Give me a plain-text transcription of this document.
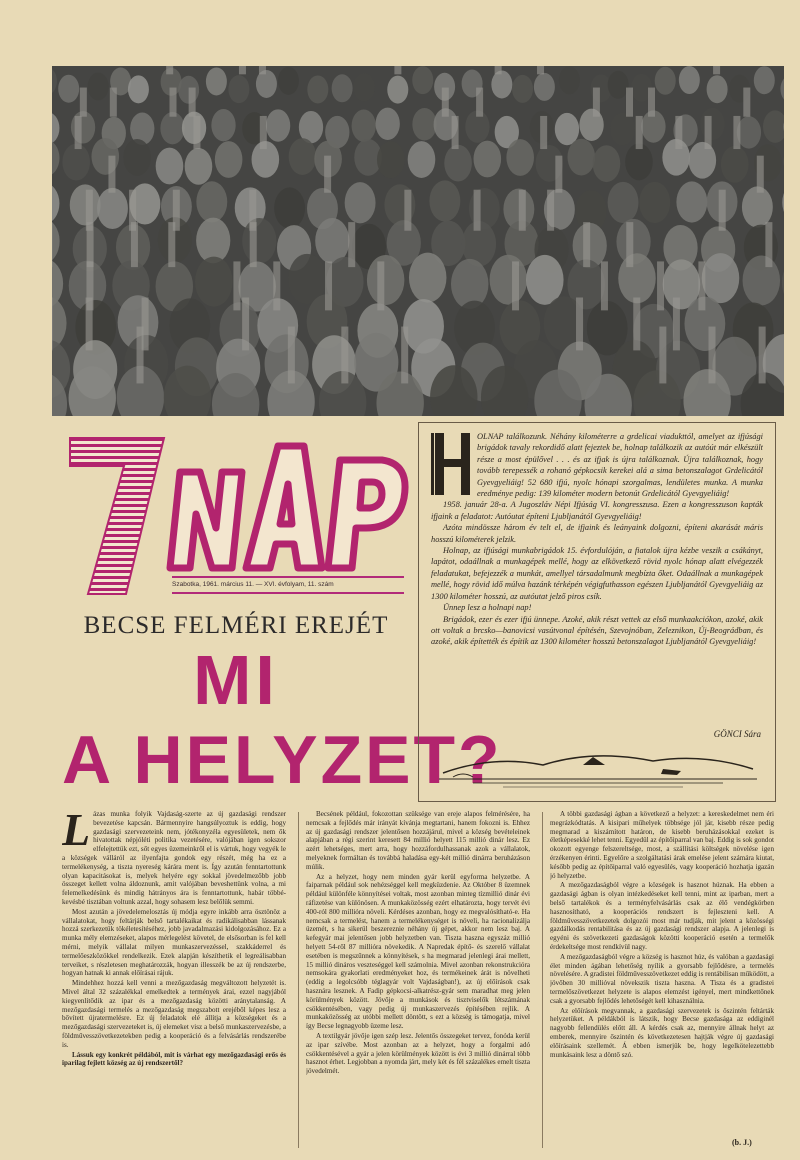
Szabotka, 1961. március 11. — XVI. évfolyam, 11. szám
BECSE FELMÉRI EREJÉT
MI
A HELYZET?

OLNAP találkozunk. Néhány kilométerre a grdelicai viadukttól, amelyet az ifjúsági brigádok tavaly rekordidő alatt fejeztek be, holnap találkozik az autóút már elkészült része a most épülővel . . . és az ifjak is újra találkoznak. Újra találkoznak, hogy tovább terepessék a rohanó gépkocsik kerekei alá a sima betonszalagot Grdelicától Gyevgyeliáig! 52 680 ifjú, nyolc hónapi szorgalmas, lendületes munka. A munka eredménye pedig: 139 kilométer modern betonút Grdelicától Gyevgyeliáig!

1958. január 28-a. A Jugoszláv Népi Ifjúság VI. kongresszusa. Ezen a kongresszuson kapták ifjaink a feladatot: Autóutat építeni Ljubljanától Gyevgyeliáig!

Azóta mindössze három év telt el, de ifjaink és leányaink dolgozni, építeni akarását máris hosszú kilométerek jelzik.

Holnap, az ifjúsági munkabrigádok 15. évfordulóján, a fiatalok újra kézbe veszik a csákányt, lapátot, odaállnak a munkagépek mellé, hogy az elkövetkező rövid nyolc hónap alatt elvégezzék feladatukat, befejezzék a munkát, amellyel társadalmunk megbízta őket. Odaállnak a munkagépek mellé, hogy rövid idő múlva hazánk térképén végigfuthasson egészen Ljubljanától Gyevgyeliáig az 1300 kilométer hosszú, az autóutat jelző piros csík.

Ünnep lesz a holnapi nap!

Brigádok, ezer és ezer ifjú ünnepe. Azoké, akik részt vettek az első munkaakciókon, azoké, akik ott voltak a brcsko—banovicsi vasútvonal építésén, Szevojnóban, Zeleznikon, Új-Beográdban, és azoké, akik építették és építik az 1300 kilométer hosszú betonszalagot Ljubljanától Gyevgyeliáig!

GÖNCI Sára
L ázas munka folyik Vajdaság-szerte az új gazdasági rendszer bevezetése kapcsán. Bármennyire hangsúlyoztuk is eddig, hogy gazdasági szervezeteink nem, jótékonyzéla egyesületek, nem ők hivatottak népjóléti politika vezetésére, valójában igen sokszor elfelejtettük ezt, sőt egyes üzemeinkről el is vártuk, hogy vegyék le a községek válláról az ilyenfajta gondok egy részét, még ha ez a termelékenység, a tiszta nyereség kárára ment is. Így azután fenntartottunk olyan kapacitásokat is, melyek helyére egy sokkal jövedelmezőbb jobb összeget kellett volna áldoznunk, amit valójában beveshettünk volna, a mi felemelkedésünk és mindig hátrányos ára is fenntartottunk, habár többé-kevésbé tisztában voltunk azzal, hogy sohasem lesz belőlük semmi.

Most azután a jövedelemelosztás új módja egyre inkább arra ösztönöz a vállalatokat, hogy feltárják belső tartalékaikat és radikálisabban lássanak hozzá szerkezetük tökéletesítéséhez, jobb javadalmazási kidolgozásához. Ez a munka mély elemzéseket, alapos mérlegelést követel, de elsősorban is fel kell mérni, melyik vállalat milyen munkaszervezéssel, szakkáderrel és termelőeszközökkel rendelkezik. Ezek alapján készíthetik el legreálisabban terveiket, s részletesen meghatározzák, hogyan illesszék be az új rendszerbe, hogyan hatnak ki annak előírásai rájuk.

Mindehhez hozzá kell venni a mezőgazdaság megváltozott helyzetét is. Mivel által 32 százalékkal emelkedtek a termények árai, ezzel nagyjából kiegyenlítődik az ipar és a mezőgazdaság közötti aránytalanság. A mezőgazdasági termelés a mezőgazdaság megszabott erejéből képes lesz a bővített újratermelésre. Ez új feladatok elé állítja a községeket és a mezőgazdasági szervezeteket is, új elemeket visz a belső munkaszervezésbe, a földművesszövetkezetekben pedig a kooperáció és a felvásárlás rendszerébe is.

Lássuk egy konkrét példából, mit is várhat egy mezőgazdasági erős és iparilag fejlett község az új rendszertől?

Becsének például, fokozottan szüksége van ereje alapos felmérésére, ha nemcsak a fejlődés már irányát kívánja megtartani, hanem fokozni is. Ehhez az új gazdasági rendszer jelentősen hozzájárul, mivel a község bevételeinek alapjában a régi szerint keresett 84 millió helyett 115 millió dinár lesz. Ez azért lehetséges, mert arra, hogy hozzáfordulhassanak azok a vállalatok, melyeknek formáltan és továbbá haladása egy-két millió dinárra beruházáson múlik.

Az a helyzet, hogy nem minden gyár kerül egyforma helyzetbe. A faiparnak például sok nehézséggel kell megküzdenie. Az Október 8 üzemnek például különféle könnyítései voltak, most azonban minteg tízmillió dinár évi ráfizetése van különösen. A munkaközösség ezért elhatározta, hogy tervét évi 400-ról 800 millióra növeli. Kérdéses azonban, hogy ez megvalósítható-e. Ha nemcsak a termelést, hanem a termelékenységet is növeli, ha racionalizálja üzemét, s ha sikerül beszereznie néhány új gépet, akkor nem lesz baj. A kefegyár mai jelentősen jobb helyzetben van. Tiszta haszna egyszáz millió helyett 54-ről 87 millióra növekedik. A Napredak építő- és szerelő vállalat esetében is megszűnnek a könnyítések, s ha megmarad jelenlegi árai mellett, 15 millió dináros veszteséggel kell számolnia. Mivel azonban rekonstrukcióra nemsokára gyakorlati eredményeket hoz, és termékeinek árát is növelheti (eddig a legolcsóbb téglagyár volt Vajdaságban!), az új előírások csak hasznára lesznek. A Fadip gépkocsi-alkatrész-gyár sem maradhat meg jelen körülmények között. Jövője a munkások és tisztviselők létszámának csökkentésében, vagy pedig új munkaszervezés építésében rejlik. A munkaközösség az utóbbi mellett döntött, s ezt a község is támogatja, mivel így Becse legnagyobb üzeme lesz.

A textilgyár jövője igen szép lesz. Jelentős összegeket tervez, fonóda kerül az ipar szívébe. Most azonban az a helyzet, hogy a forgalmi adó csökkentésével a gyár a jelen körülmények között is évi 3 millió dinárral több hasznot érhet. Legjobban a nyomda járt, mely két és fél százalékes emelt tiszta jövedelmét.

A többi gazdasági ágban a következő a helyzet: a kereskedelmet nem éri megrázkódtatás. A kisipari műhelyek többsége jól jár, kisebb része pedig megmarad a kiszámított határon, de kisebb beruházásokkal ezeket is életképesekké lehet tenni. Egyedül az építőiparral van baj. Eddig is sok gondot okozott egyenge felszereltsége, most, a szállítási költségek növelése igen érzékenyen érinti. Egyelőre a szolgáltatási árak emelése jelent számára kiutat, később pedig az építőiparral való egyesülés, vagy kooperáció hozhatja igazán jó helyzetbe.

A mezőgazdaságból végre a községek is hasznot húznak. Ha ebben a gazdasági ágban is olyan intézkedéseket kell tenni, mint az iparban, mert a belső tartalékok és a terményfelvásárlás csak az élő vendégkörben hasznosítható, a kooperációs rendszert is fejleszteni kell. A földművesszövetkezetek dolgozói most már tudják, mit jelent a közösségi gazdálkodás rentabilitása és az új gazdasági rendszer alapja. A jelenlegi is egyéni és szövetkezeti gazdaságok közötti kooperáció esetén a termelők érdekeltsége most rendkívül nagy.

A mezőgazdaságból végre a község is hasznot húz, és valóban a gazdasági élet minden ágában lehetőség nyílik a gyorsabb fejlődésre, a termelés növelésére. A gradistei földművesszövetkezet eddig is rentábilisan működött, a jövőben 30 millióval növekszik tiszta haszna. A Tisza és a gradistei termelőszövetkezet helyzete is alapos elemzést igényel, mert mindkettőnek csak a gyorsabb fejlődés lehetőségét kell kihasználnia.

Az előírások megvannak, a gazdasági szervezetek is őszintén feltárták helyzetüket. A példákból is látszik, hogy Becse gazdasága az eddiginél nagyobb fellendülés előtt áll. A kérdés csak az, mennyire állnak helyt az emberek, mennyire őszintén és következetesen hajtják végre új gazdasági előírásaink szellemét. Á ebben ismerjük be, hogy legelkötelezettebb munkásaink lesz a döntő szó.

(b. J.)
